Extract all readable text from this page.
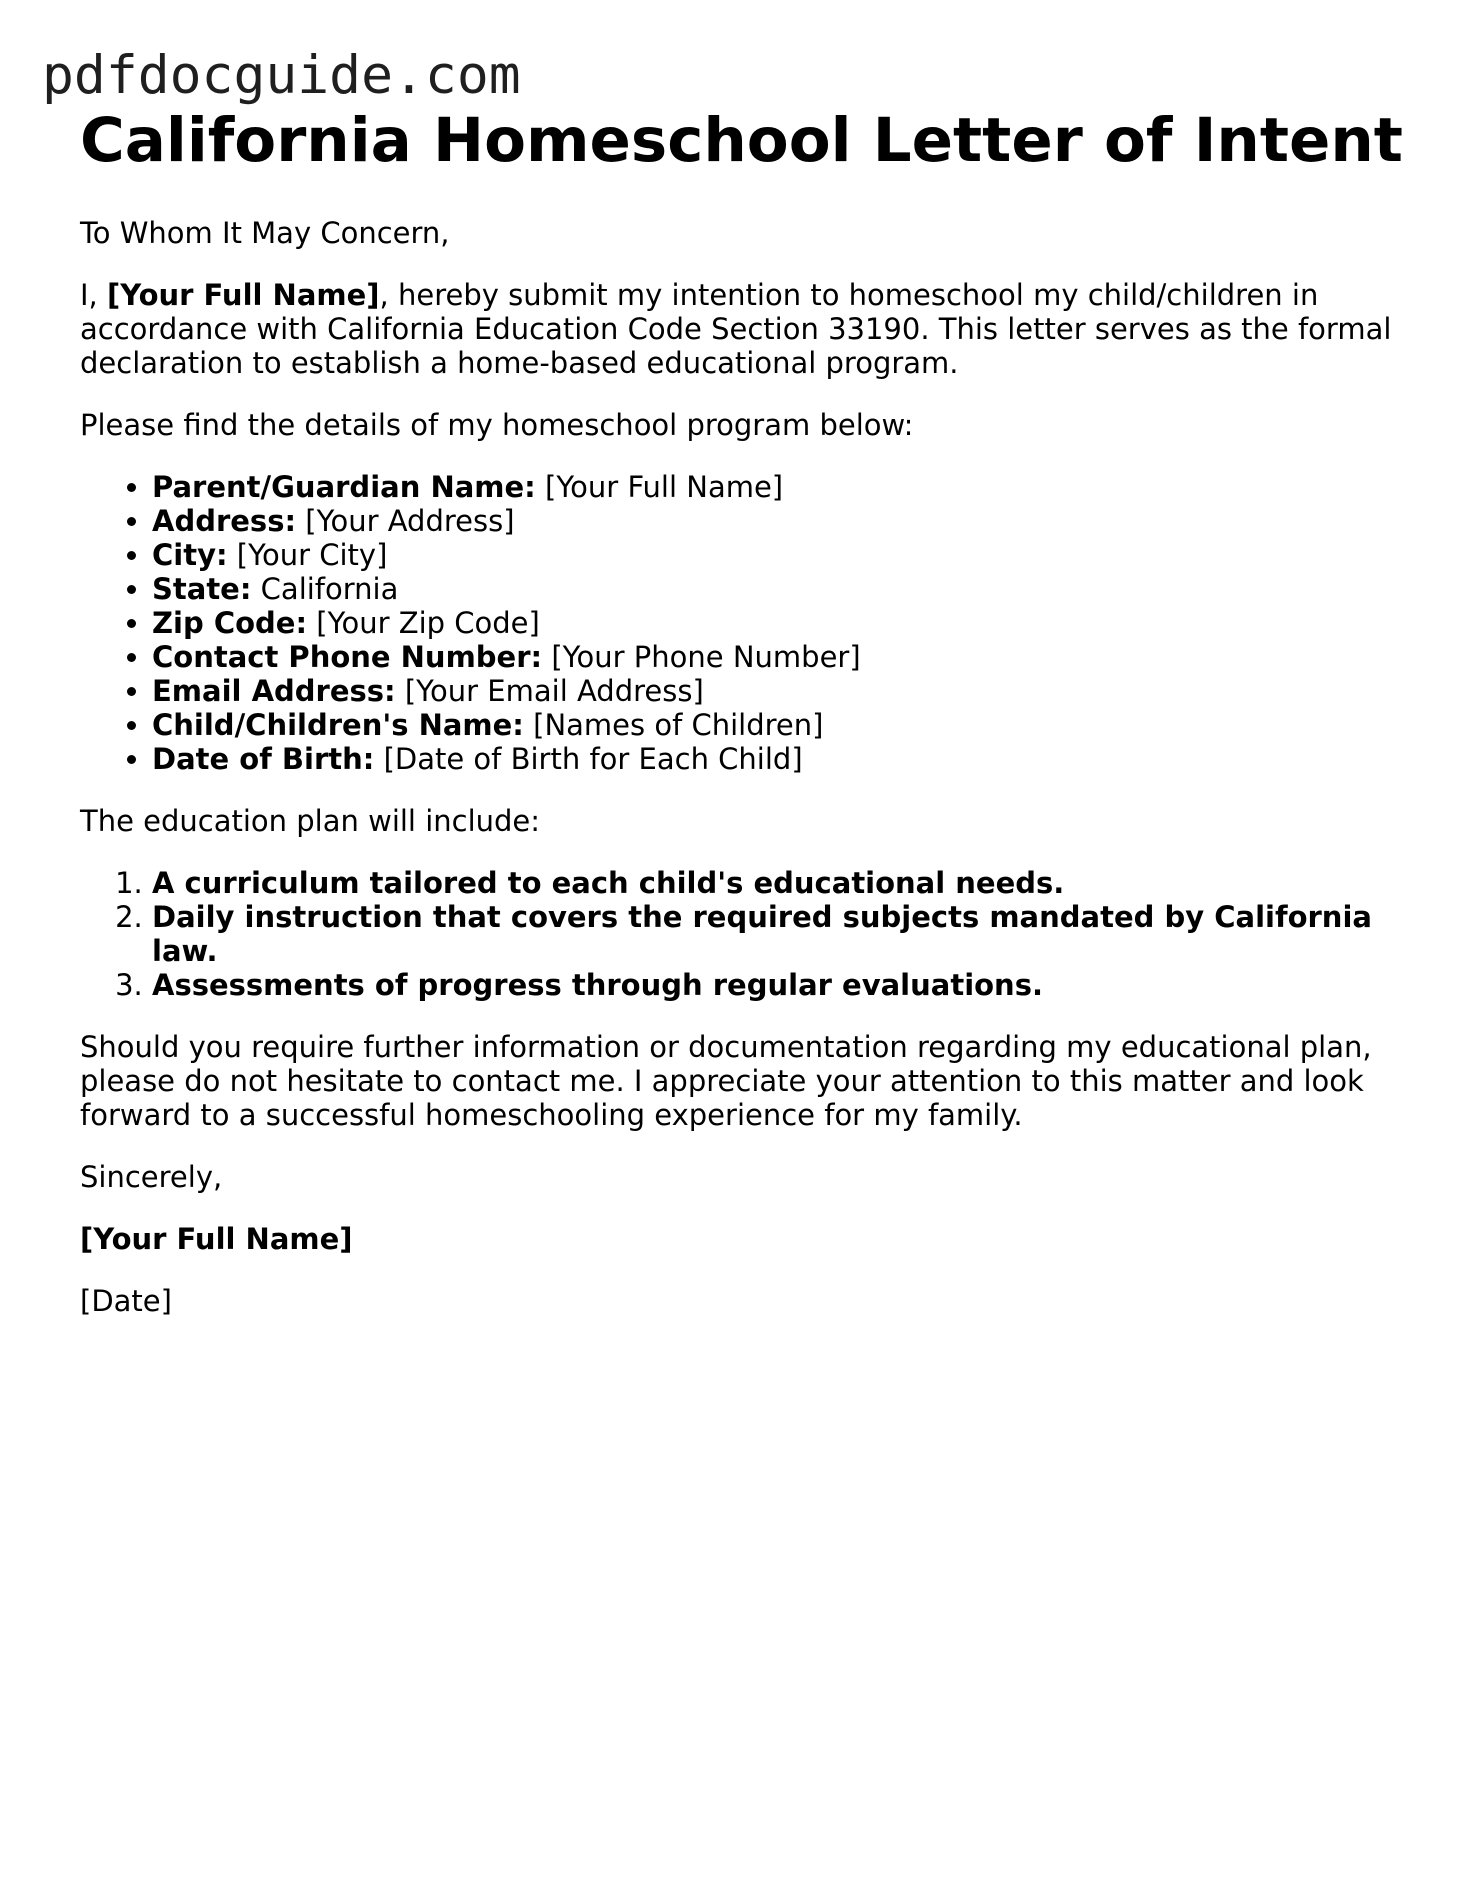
pdfdocguide.com
California Homeschool Letter of Intent

To Whom It May Concern,

I, [Your Full Name], hereby submit my intention to homeschool my child/children in accordance with California Education Code Section 33190. This letter serves as the formal declaration to establish a home-based educational program.

Please find the details of my homeschool program below:

• Parent/Guardian Name: [Your Full Name]
• Address: [Your Address]
• City: [Your City]
• State: California
• Zip Code: [Your Zip Code]
• Contact Phone Number: [Your Phone Number]
• Email Address: [Your Email Address]
• Child/Children's Name: [Names of Children]
• Date of Birth: [Date of Birth for Each Child]

The education plan will include:

1. A curriculum tailored to each child's educational needs.
2. Daily instruction that covers the required subjects mandated by California law.
3. Assessments of progress through regular evaluations.

Should you require further information or documentation regarding my educational plan, please do not hesitate to contact me. I appreciate your attention to this matter and look forward to a successful homeschooling experience for my family.

Sincerely,

[Your Full Name]

[Date]
